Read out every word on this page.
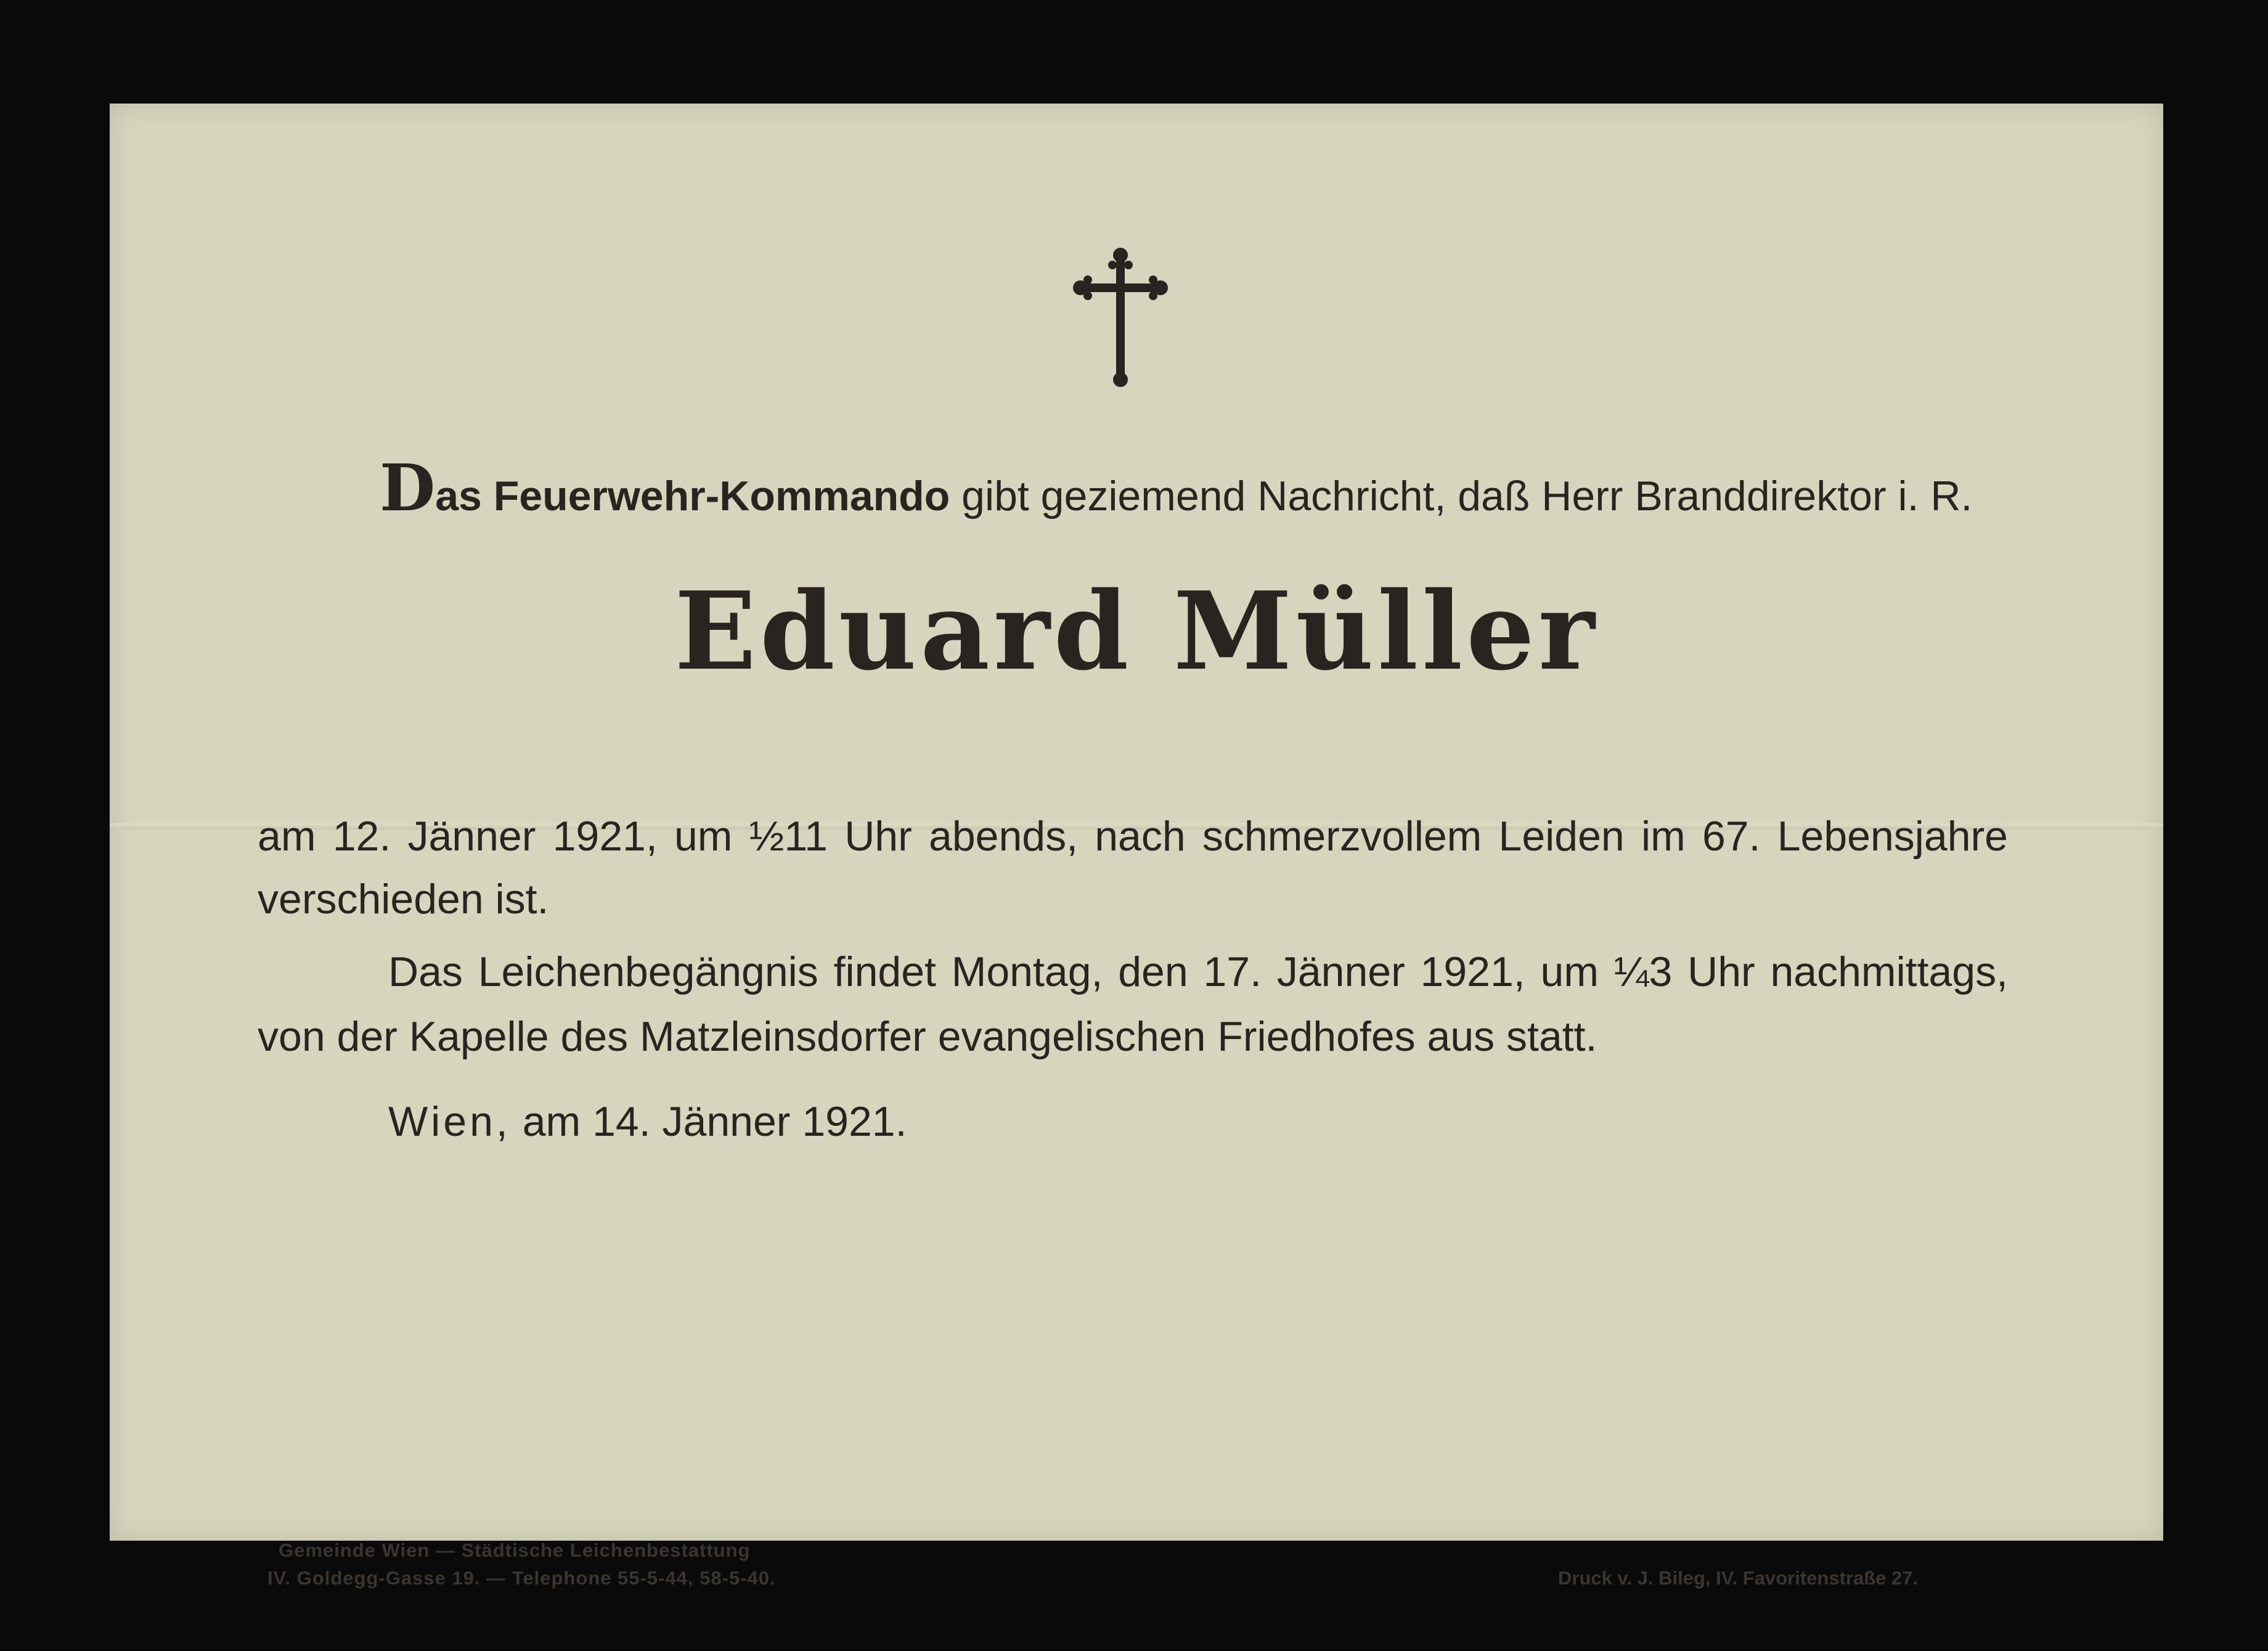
Das Feuerwehr-Kommando gibt geziemend Nachricht, daß Herr Branddirektor i. R.

Eduard Müller

am 12. Jänner 1921, um ½11 Uhr abends, nach schmerzvollem Leiden im 67. Lebensjahre

verschieden ist.

Das Leichenbegängnis findet Montag, den 17. Jänner 1921, um ¼3 Uhr nachmittags,

von der Kapelle des Matzleinsdorfer evangelischen Friedhofes aus statt.

Wien, am 14. Jänner 1921.

Gemeinde Wien — Städtische Leichenbestattung

IV. Goldegg-Gasse 19. — Telephone 55-5-44, 58-5-40.	Druck v. J. Bileg, IV. Favoritenstraße 27.
